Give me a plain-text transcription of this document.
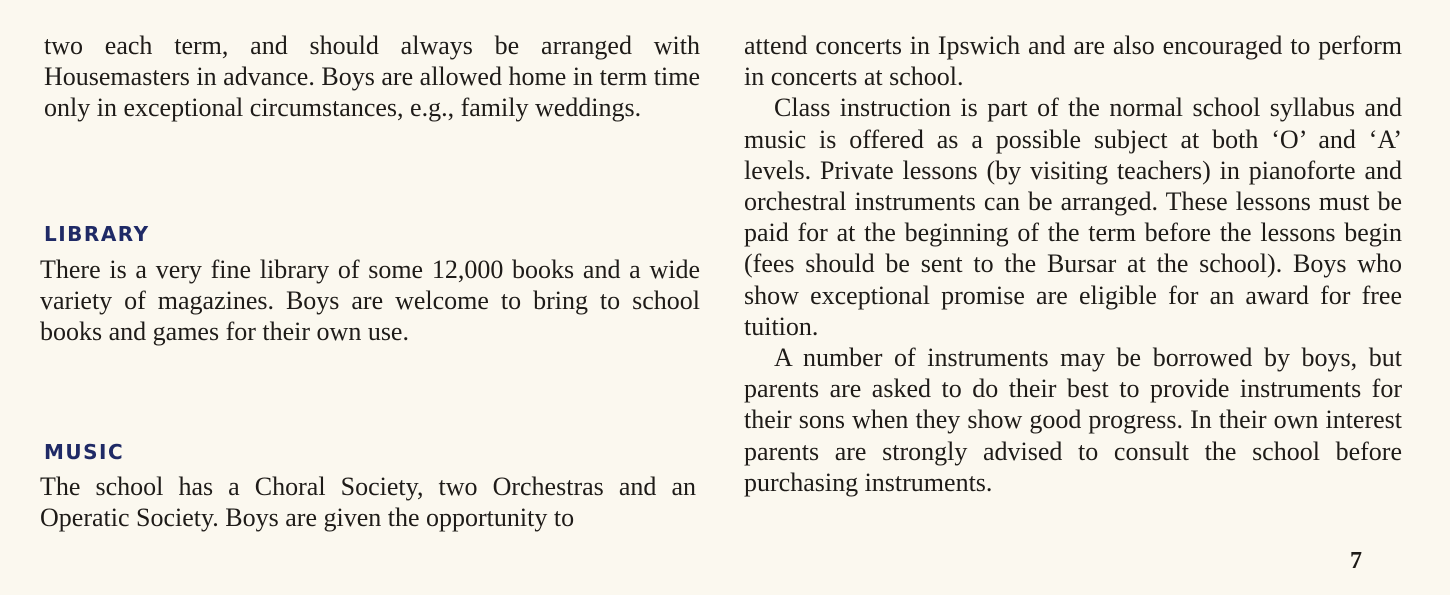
two each term, and should always be arranged with Housemasters in advance. Boys are allowed home in term time only in exceptional circumstances, e.g., family weddings.

LIBRARY

There is a very fine library of some 12,000 books and a wide variety of magazines. Boys are welcome to bring to school books and games for their own use.

MUSIC

The school has a Choral Society, two Orchestras and an Operatic Society. Boys are given the opportunity to

attend concerts in Ipswich and are also encouraged to perform in concerts at school.

Class instruction is part of the normal school syllabus and music is offered as a possible subject at both ‘O’ and ‘A’ levels. Private lessons (by visiting teachers) in pianoforte and orchestral instruments can be arranged. These lessons must be paid for at the beginning of the term before the lessons begin (fees should be sent to the Bursar at the school). Boys who show exceptional promise are eligible for an award for free tuition.

A number of instruments may be borrowed by boys, but parents are asked to do their best to provide instruments for their sons when they show good progress. In their own interest parents are strongly advised to consult the school before purchasing instruments.

7
